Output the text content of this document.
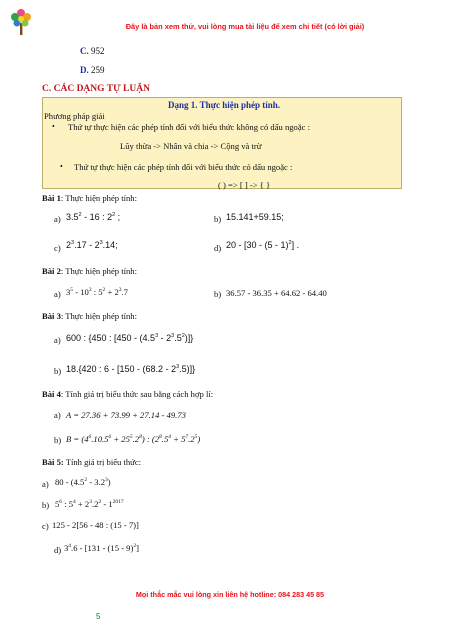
Đây là bản xem thử, vui lòng mua tài liệu để xem chi tiết (có lời giải)
C. 952
D. 259
C. CÁC DẠNG TỰ LUẬN
Dạng 1. Thực hiện phép tính.
Phương pháp giải
• Thứ tự thực hiện các phép tính đối với biểu thức không có dấu ngoặc :
Lũy thừa -> Nhân và chia -> Cộng và trừ
• Thứ tự thực hiện các phép tính đối với biểu thức có dấu ngoặc :
( ) => [ ] -> { }
Bài 1: Thực hiện phép tính:
a) $3.5^2 - 16$ : $2^2$ ;	b) 15.141+59.15;
c) $2^3.17 - 2^3.14$;	d) 20 - [30 - (5 - 1)$^2$] .
Bài 2: Thực hiện phép tính:
a) $3^5 - 10^2$ : $5^2 + 2^3.7$	b) 36.57 - 36.35 + 64.62 - 64.40
Bài 3: Thực hiện phép tính:
a) 600 : {450 : $[450 - (4.5^3 - 2^3.5^2)]$}
b) 18.{420 : $6 - [150 - (68.2 - 2^3.5)]$}
Bài 4: Tính giá trị biểu thức sau bằng cách hợp lí:
a) A = 27.36 + 73.99 + 27.14 - 49.73
b) $B = (4^6.10.5^6 + 25^5.2^8)$ : $(2^8.5^4 + 5^7.2^5)$
Bài 5: Tính giá trị biểu thức:
a) $80 - (4.5^2 - 3.2^3)$
b) $5^6$ : $5^4 + 2^3.2^2 - 1^{2017}$
c) 125 - 2[56 - 48 : (15 - 7)]
d) $3^4.6 - [131 - (15 - 9)^2]$
Mọi thắc mắc vui lòng xin liên hệ hotline: 084 283 45 85
5
